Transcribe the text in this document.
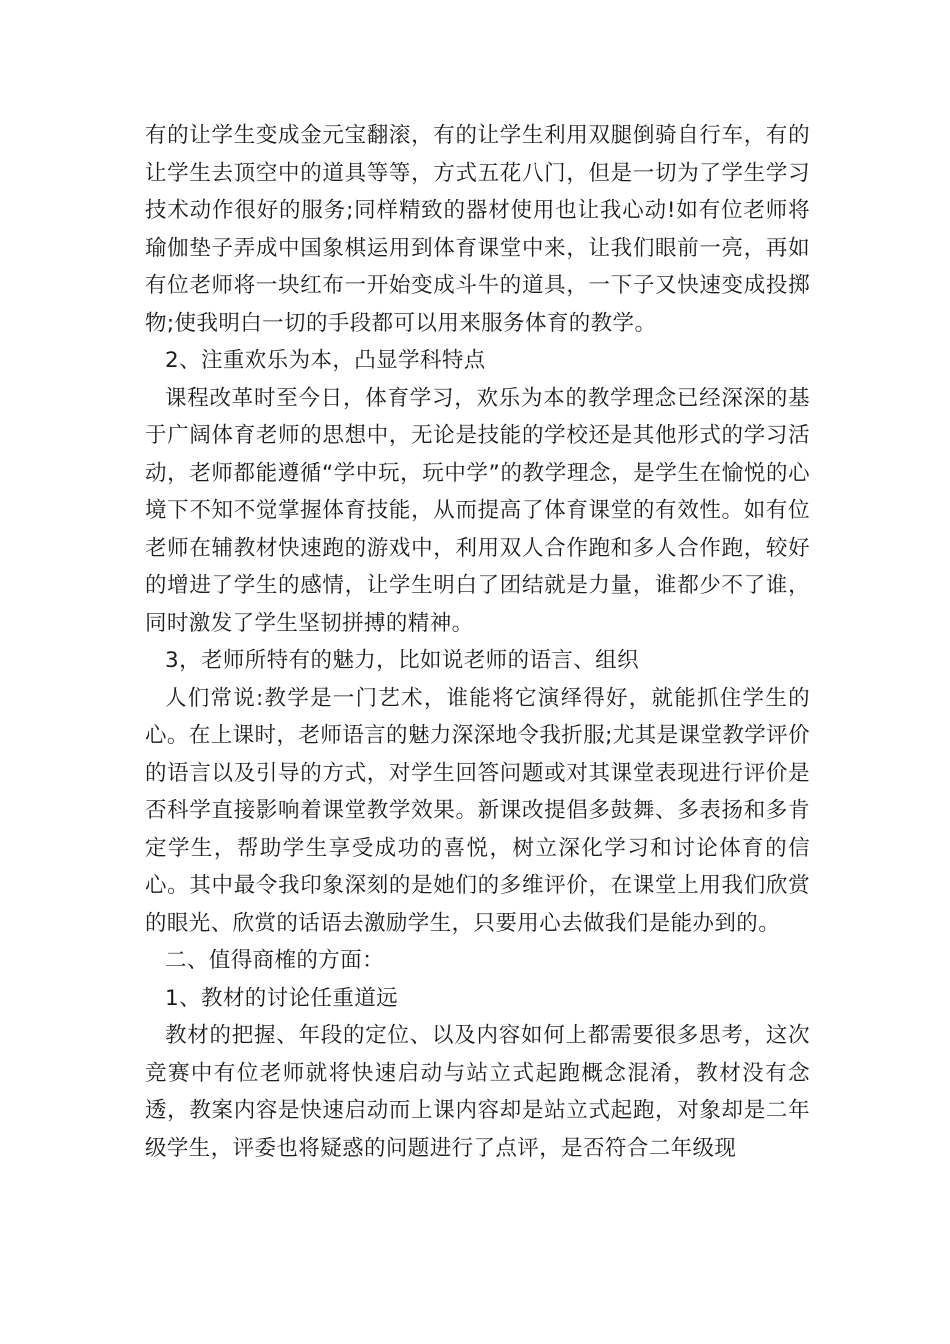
有的让学生变成金元宝翻滚，有的让学生利用双腿倒骑自行车，有的让学生去顶空中的道具等等，方式五花八门，但是一切为了学生学习技术动作很好的服务;同样精致的器材使用也让我心动!如有位老师将瑜伽垫子弄成中国象棋运用到体育课堂中来，让我们眼前一亮，再如有位老师将一块红布一开始变成斗牛的道具，一下子又快速变成投掷物;使我明白一切的手段都可以用来服务体育的教学。

2、注重欢乐为本，凸显学科特点

课程改革时至今日，体育学习，欢乐为本的教学理念已经深深的基于广阔体育老师的思想中，无论是技能的学校还是其他形式的学习活动，老师都能遵循“学中玩，玩中学”的教学理念，是学生在愉悦的心境下不知不觉掌握体育技能，从而提高了体育课堂的有效性。如有位老师在辅教材快速跑的游戏中，利用双人合作跑和多人合作跑，较好的增进了学生的感情，让学生明白了团结就是力量，谁都少不了谁，同时激发了学生坚韧拼搏的精神。

3，老师所特有的魅力，比如说老师的语言、组织

人们常说:教学是一门艺术，谁能将它演绎得好，就能抓住学生的心。在上课时，老师语言的魅力深深地令我折服;尤其是课堂教学评价的语言以及引导的方式，对学生回答问题或对其课堂表现进行评价是否科学直接影响着课堂教学效果。新课改提倡多鼓舞、多表扬和多肯定学生，帮助学生享受成功的喜悦，树立深化学习和讨论体育的信心。其中最令我印象深刻的是她们的多维评价，在课堂上用我们欣赏的眼光、欣赏的话语去激励学生，只要用心去做我们是能办到的。

二、值得商榷的方面：

1、教材的讨论任重道远

教材的把握、年段的定位、以及内容如何上都需要很多思考，这次竞赛中有位老师就将快速启动与站立式起跑概念混淆，教材没有念透，教案内容是快速启动而上课内容却是站立式起跑，对象却是二年级学生，评委也将疑惑的问题进行了点评，是否符合二年级现
